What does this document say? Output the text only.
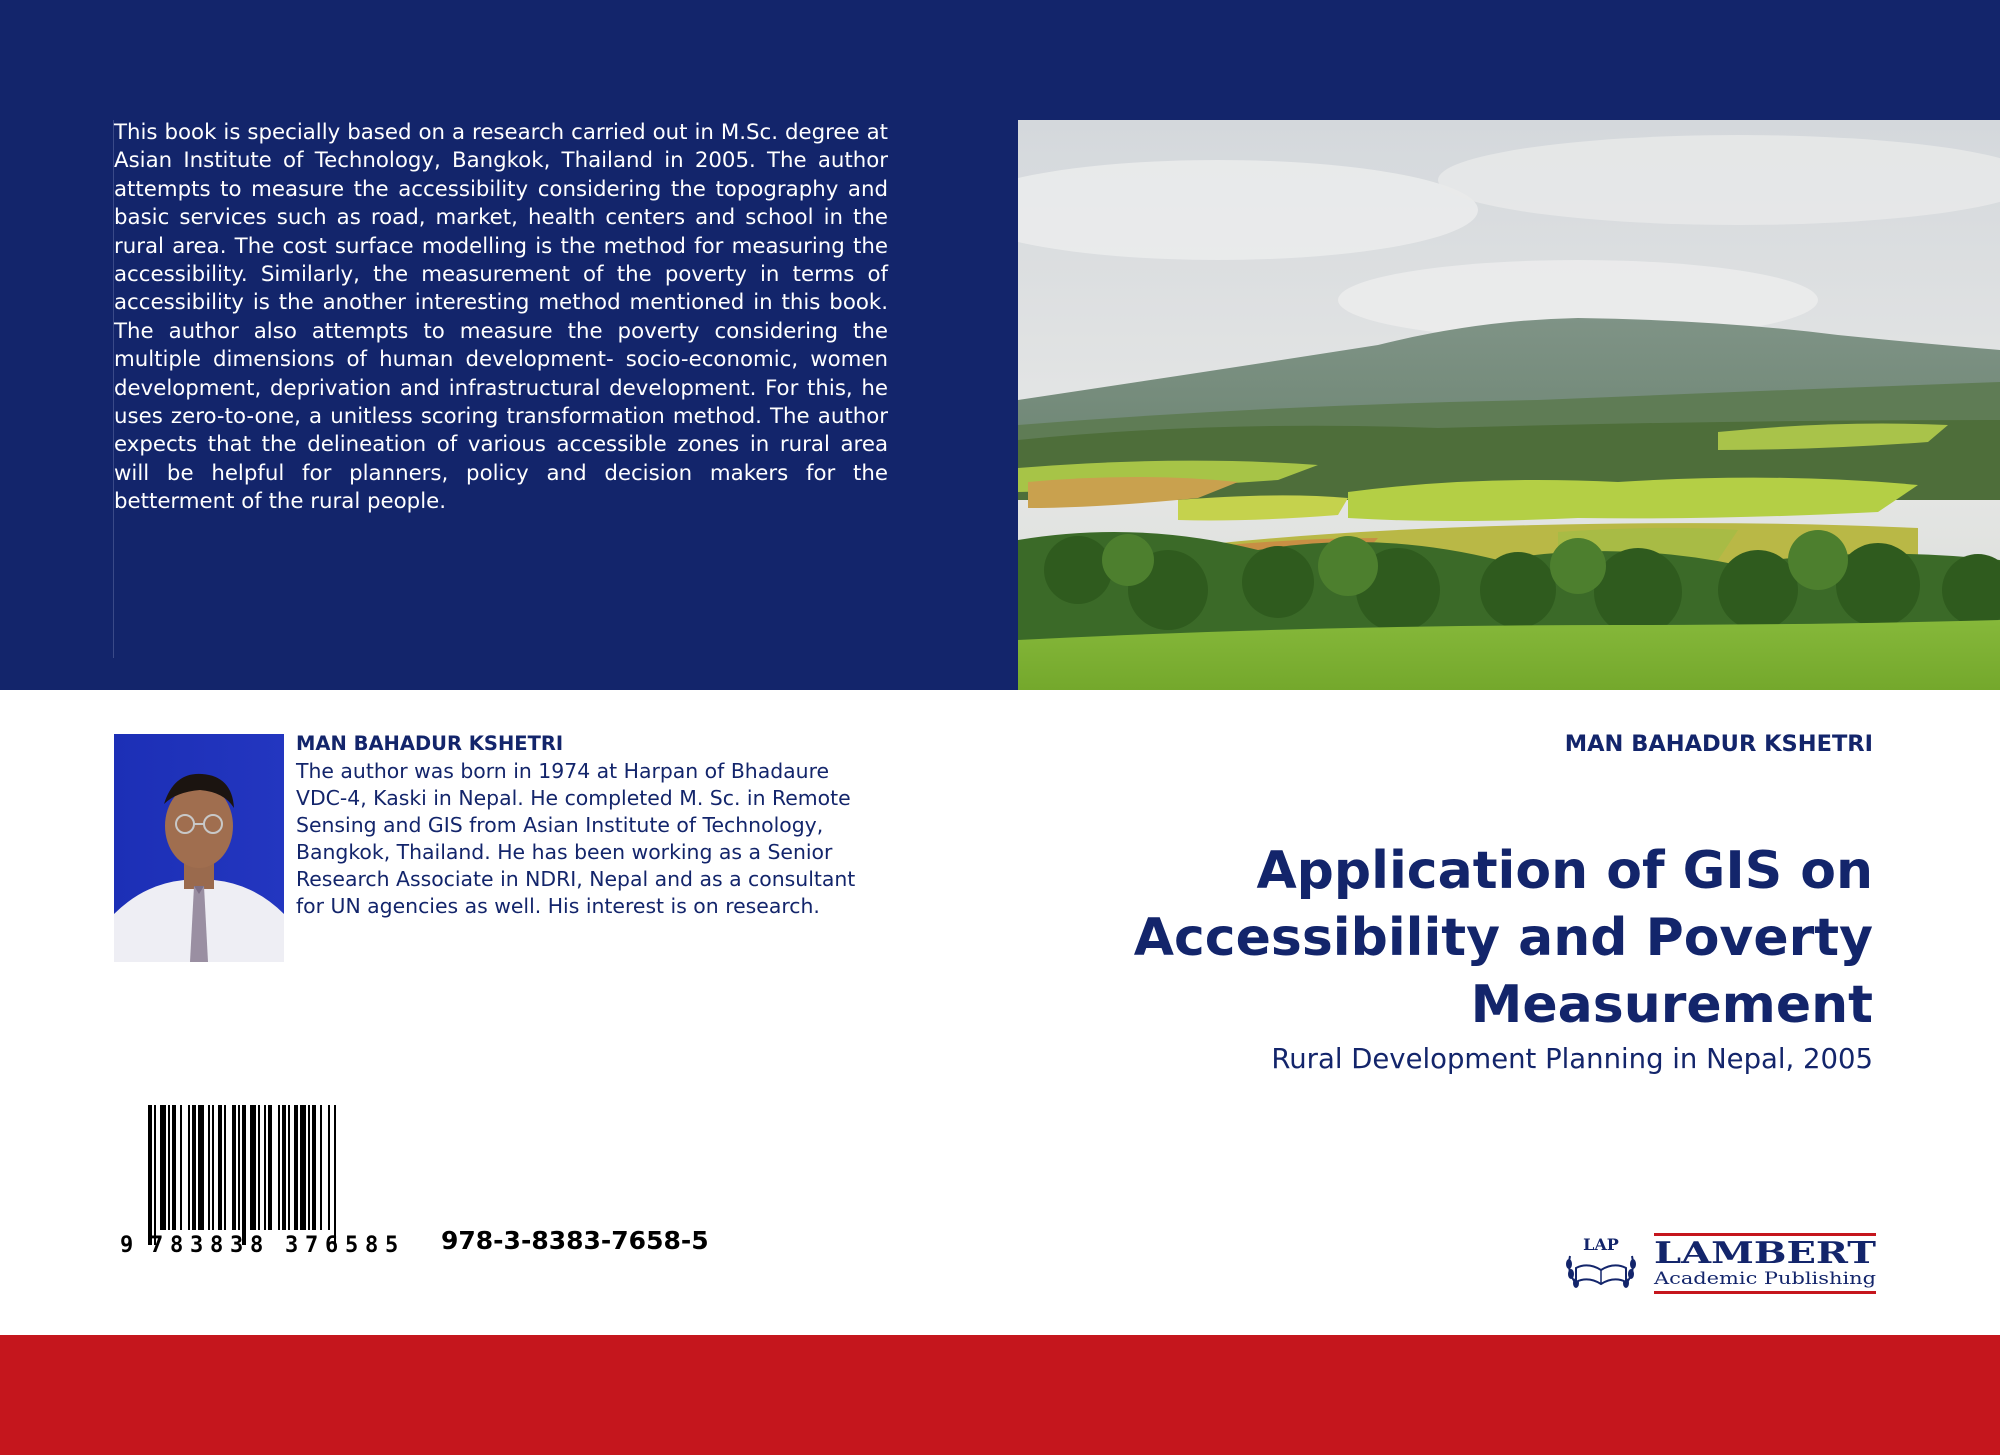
This book is specially based on a research carried out in M.Sc. degree at Asian Institute of Technology, Bangkok, Thailand in 2005. The author attempts to measure the accessibility considering the topography and basic services such as road, market, health centers and school in the rural area. The cost surface modelling is the method for measuring the accessibility. Similarly, the measurement of the poverty in terms of accessibility is the another interesting method mentioned in this book. The author also attempts to measure the poverty considering the multiple dimensions of human development- socio-economic, women development, deprivation and infrastructural development. For this, he uses zero-to-one, a unitless scoring transformation method. The author expects that the delineation of various accessible zones in rural area will be helpful for planners, policy and decision makers for the betterment of the rural people.

MAN BAHADUR KSHETRI

The author was born in 1974 at Harpan of Bhadaure VDC-4, Kaski in Nepal. He completed M. Sc. in Remote Sensing and GIS from Asian Institute of Technology, Bangkok, Thailand. He has been working as a Senior Research Associate in NDRI, Nepal and as a consultant for UN agencies as well. His interest is on research.

9 7 8 3 8 3 8 3 7 6 5 8 5 978-3-8383-7658-5
MAN BAHADUR KSHETRI
Application of GIS on
Accessibility and Poverty
Measurement
Rural Development Planning in Nepal, 2005
LAP LAMBERT
Academic Publishing
